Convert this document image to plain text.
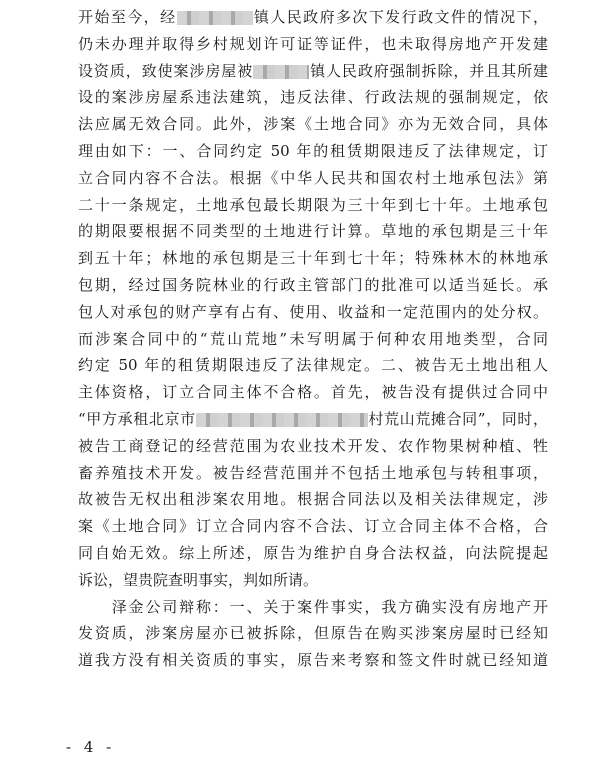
开始至今，经	镇人民政府多次下发行政文件的情况下，
仍未办理并取得乡村规划许可证等证件，也未取得房地产开发建
设资质，致使案涉房屋被	镇人民政府强制拆除，并且其所建
设的案涉房屋系违法建筑，违反法律、行政法规的强制规定，依
法应属无效合同。此外，涉案《土地合同》亦为无效合同，具体
理由如下：一、合同约定 50 年的租赁期限违反了法律规定，订
立合同内容不合法。根据《中华人民共和国农村土地承包法》第
二十一条规定，土地承包最长期限为三十年到七十年。土地承包
的期限要根据不同类型的土地进行计算。草地的承包期是三十年
到五十年；林地的承包期是三十年到七十年；特殊林木的林地承
包期，经过国务院林业的行政主管部门的批准可以适当延长。承
包人对承包的财产享有占有、使用、收益和一定范围内的处分权。
而涉案合同中的“荒山荒地”未写明属于何种农用地类型，合同
约定 50 年的租赁期限违反了法律规定。二、被告无土地出租人
主体资格，订立合同主体不合格。首先，被告没有提供过合同中
“甲方承租北京市	村荒山荒摊合同”，同时，
被告工商登记的经营范围为农业技术开发、农作物果树种植、牲
畜养殖技术开发。被告经营范围并不包括土地承包与转租事项，
故被告无权出租涉案农用地。根据合同法以及相关法律规定，涉
案《土地合同》订立合同内容不合法、订立合同主体不合格，合
同自始无效。综上所述，原告为维护自身合法权益，向法院提起
诉讼，望贵院查明事实，判如所请。
　　泽金公司辩称：一、关于案件事实，我方确实没有房地产开
发资质，涉案房屋亦已被拆除，但原告在购买涉案房屋时已经知
道我方没有相关资质的事实，原告来考察和签文件时就已经知道
- 4 -
